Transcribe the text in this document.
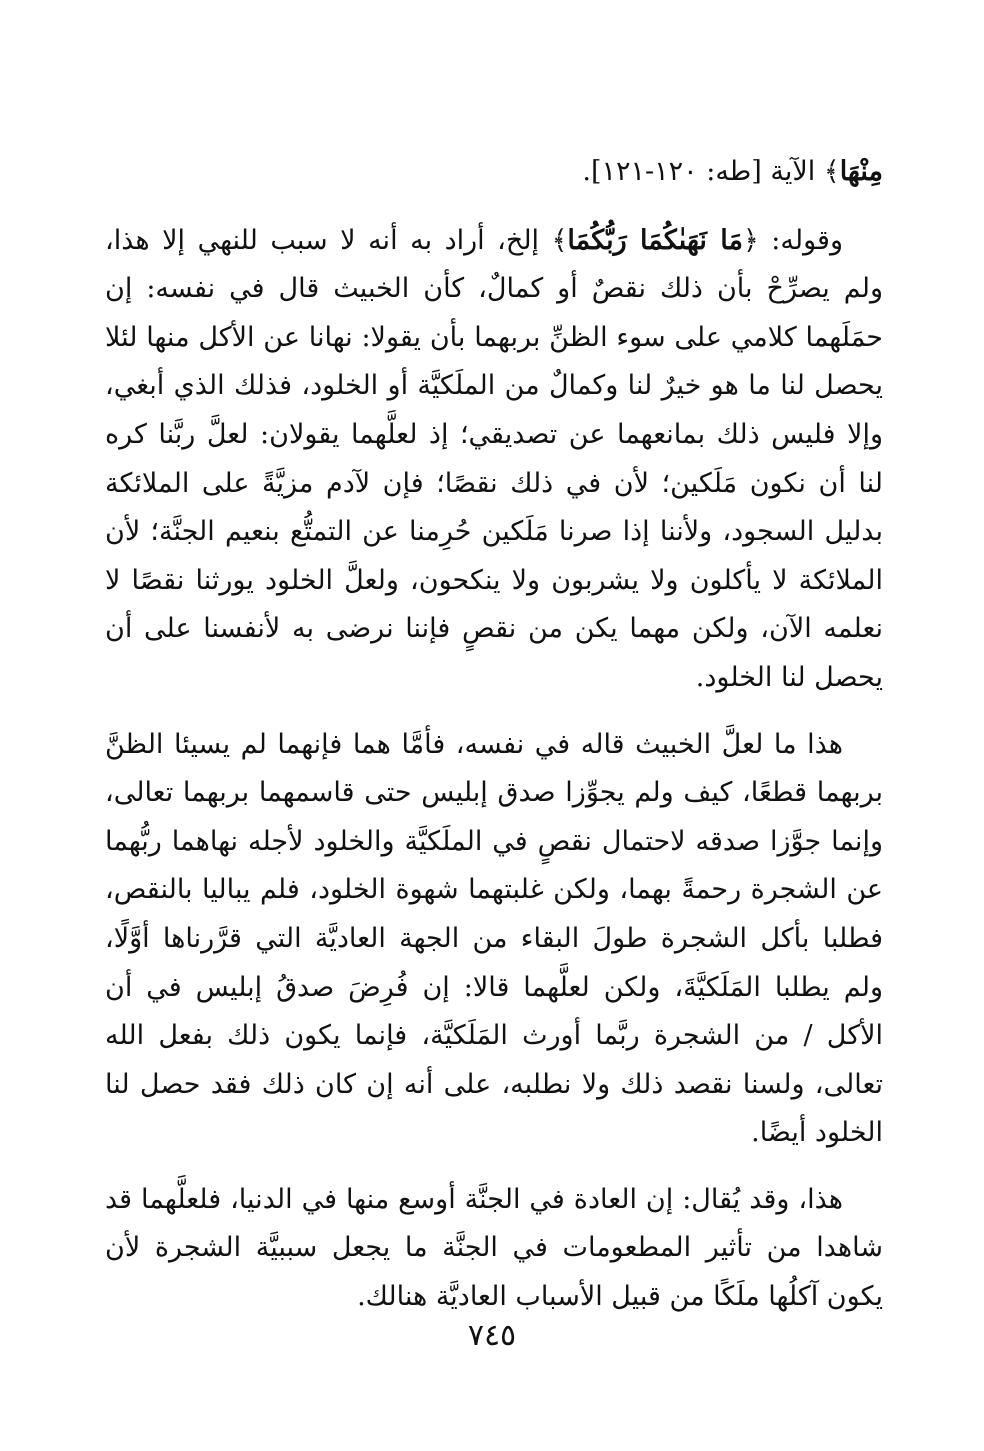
مِنْهَا﴾ الآية [طه: ١٢٠-١٢١].

وقوله: ﴿مَا نَهَىٰكُمَا رَبُّكُمَا﴾ إلخ، أراد به أنه لا سبب للنهي إلا هذا، ولم يصرِّحْ بأن ذلك نقصٌ أو كمالٌ، كأن الخبيث قال في نفسه: إن حمَلَهما كلامي على سوء الظنِّ بربهما بأن يقولا: نهانا عن الأكل منها لئلا يحصل لنا ما هو خيرٌ لنا وكمالٌ من الملَكيَّة أو الخلود، فذلك الذي أبغي، وإلا فليس ذلك بمانعهما عن تصديقي؛ إذ لعلَّهما يقولان: لعلَّ ربَّنا كره لنا أن نكون مَلَكين؛ لأن في ذلك نقصًا؛ فإن لآدم مزيَّةً على الملائكة بدليل السجود، ولأننا إذا صرنا مَلَكين حُرِمنا عن التمتُّع بنعيم الجنَّة؛ لأن الملائكة لا يأكلون ولا يشربون ولا ينكحون، ولعلَّ الخلود يورثنا نقصًا لا نعلمه الآن، ولكن مهما يكن من نقصٍ فإننا نرضى به لأنفسنا على أن يحصل لنا الخلود.

هذا ما لعلَّ الخبيث قاله في نفسه، فأمَّا هما فإنهما لم يسيئا الظنَّ بربهما قطعًا، كيف ولم يجوِّزا صدق إبليس حتى قاسمهما بربهما تعالى، وإنما جوَّزا صدقه لاحتمال نقصٍ في الملَكيَّة والخلود لأجله نهاهما ربُّهما عن الشجرة رحمةً بهما، ولكن غلبتهما شهوة الخلود، فلم يباليا بالنقص، فطلبا بأكل الشجرة طولَ البقاء من الجهة العاديَّة التي قرَّرناها أوَّلًا، ولم يطلبا المَلَكيَّةَ، ولكن لعلَّهما قالا: إن فُرِضَ صدقُ إبليس في أن الأكل / من الشجرة ربَّما أورث المَلَكيَّة، فإنما يكون ذلك بفعل الله تعالى، ولسنا نقصد ذلك ولا نطلبه، على أنه إن كان ذلك فقد حصل لنا الخلود أيضًا.

هذا، وقد يُقال: إن العادة في الجنَّة أوسع منها في الدنيا، فلعلَّهما قد شاهدا من تأثير المطعومات في الجنَّة ما يجعل سببيَّة الشجرة لأن يكون آكلُها ملَكًا من قبيل الأسباب العاديَّة هنالك.

٧٤٥
